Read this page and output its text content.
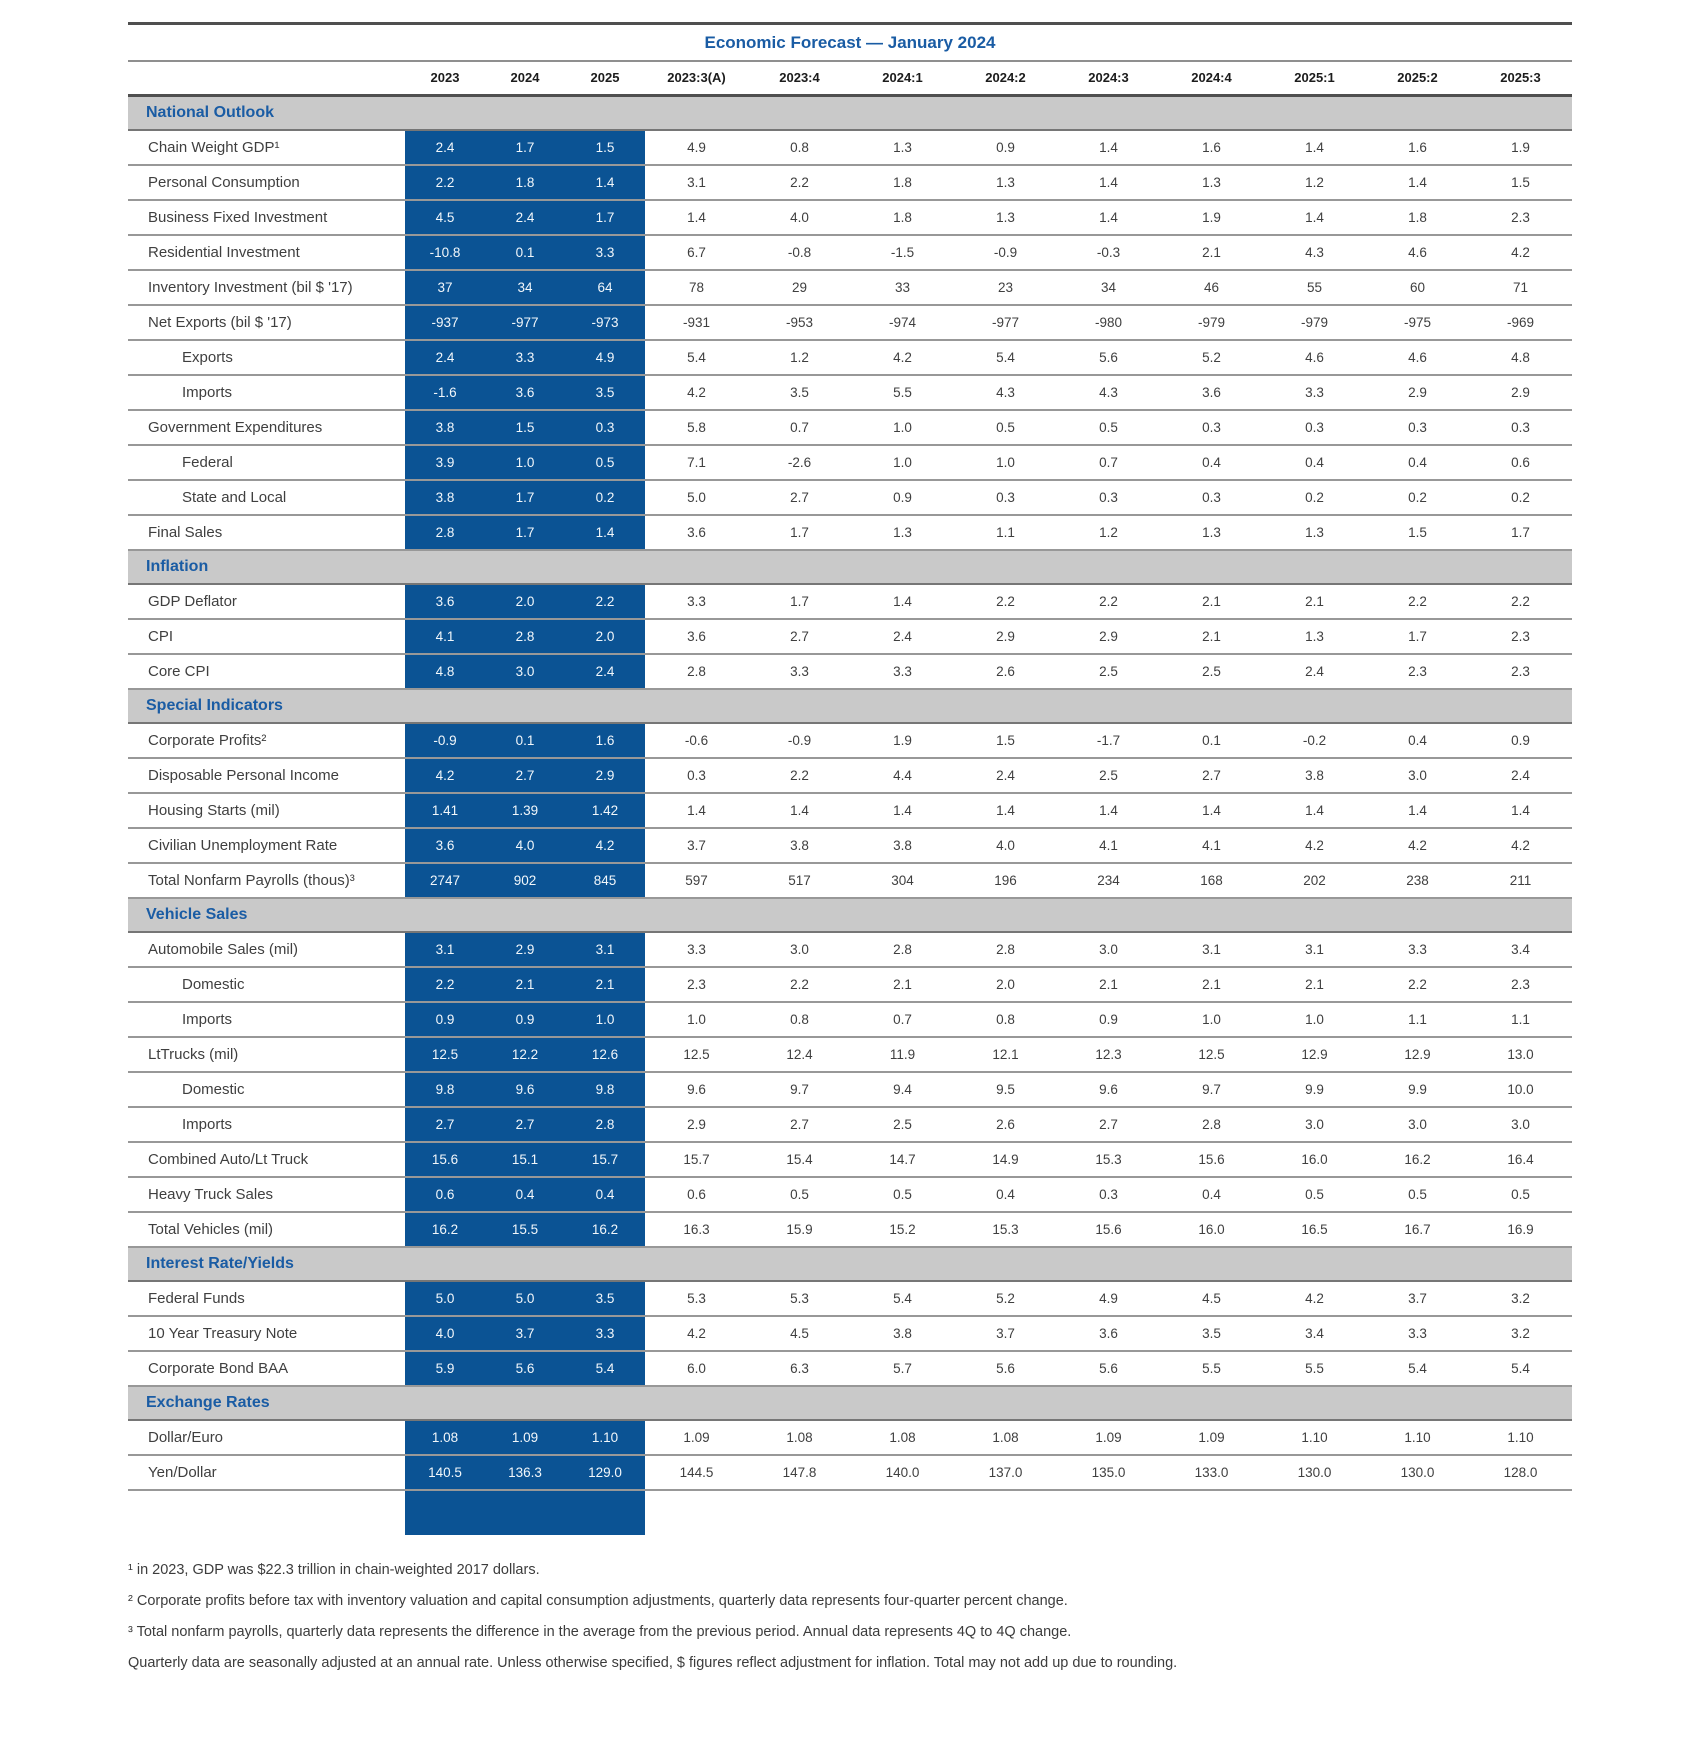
Economic Forecast — January 2024
	2023	2024	2025	2023:3(A)	2023:4	2024:1	2024:2	2024:3	2024:4	2025:1	2025:2	2025:3
National Outlook												
Chain Weight GDP¹	2.4	1.7	1.5	4.9	0.8	1.3	0.9	1.4	1.6	1.4	1.6	1.9
Personal Consumption	2.2	1.8	1.4	3.1	2.2	1.8	1.3	1.4	1.3	1.2	1.4	1.5
Business Fixed Investment	4.5	2.4	1.7	1.4	4.0	1.8	1.3	1.4	1.9	1.4	1.8	2.3
Residential Investment	-10.8	0.1	3.3	6.7	-0.8	-1.5	-0.9	-0.3	2.1	4.3	4.6	4.2
Inventory Investment (bil $ '17)	37	34	64	78	29	33	23	34	46	55	60	71
Net Exports (bil $ '17)	-937	-977	-973	-931	-953	-974	-977	-980	-979	-979	-975	-969
Exports	2.4	3.3	4.9	5.4	1.2	4.2	5.4	5.6	5.2	4.6	4.6	4.8
Imports	-1.6	3.6	3.5	4.2	3.5	5.5	4.3	4.3	3.6	3.3	2.9	2.9
Government Expenditures	3.8	1.5	0.3	5.8	0.7	1.0	0.5	0.5	0.3	0.3	0.3	0.3
Federal	3.9	1.0	0.5	7.1	-2.6	1.0	1.0	0.7	0.4	0.4	0.4	0.6
State and Local	3.8	1.7	0.2	5.0	2.7	0.9	0.3	0.3	0.3	0.2	0.2	0.2
Final Sales	2.8	1.7	1.4	3.6	1.7	1.3	1.1	1.2	1.3	1.3	1.5	1.7
Inflation												
GDP Deflator	3.6	2.0	2.2	3.3	1.7	1.4	2.2	2.2	2.1	2.1	2.2	2.2
CPI	4.1	2.8	2.0	3.6	2.7	2.4	2.9	2.9	2.1	1.3	1.7	2.3
Core CPI	4.8	3.0	2.4	2.8	3.3	3.3	2.6	2.5	2.5	2.4	2.3	2.3
Special Indicators												
Corporate Profits²	-0.9	0.1	1.6	-0.6	-0.9	1.9	1.5	-1.7	0.1	-0.2	0.4	0.9
Disposable Personal Income	4.2	2.7	2.9	0.3	2.2	4.4	2.4	2.5	2.7	3.8	3.0	2.4
Housing Starts (mil)	1.41	1.39	1.42	1.4	1.4	1.4	1.4	1.4	1.4	1.4	1.4	1.4
Civilian Unemployment Rate	3.6	4.0	4.2	3.7	3.8	3.8	4.0	4.1	4.1	4.2	4.2	4.2
Total Nonfarm Payrolls (thous)³	2747	902	845	597	517	304	196	234	168	202	238	211
Vehicle Sales												
Automobile Sales (mil)	3.1	2.9	3.1	3.3	3.0	2.8	2.8	3.0	3.1	3.1	3.3	3.4
Domestic	2.2	2.1	2.1	2.3	2.2	2.1	2.0	2.1	2.1	2.1	2.2	2.3
Imports	0.9	0.9	1.0	1.0	0.8	0.7	0.8	0.9	1.0	1.0	1.1	1.1
LtTrucks (mil)	12.5	12.2	12.6	12.5	12.4	11.9	12.1	12.3	12.5	12.9	12.9	13.0
Domestic	9.8	9.6	9.8	9.6	9.7	9.4	9.5	9.6	9.7	9.9	9.9	10.0
Imports	2.7	2.7	2.8	2.9	2.7	2.5	2.6	2.7	2.8	3.0	3.0	3.0
Combined Auto/Lt Truck	15.6	15.1	15.7	15.7	15.4	14.7	14.9	15.3	15.6	16.0	16.2	16.4
Heavy Truck Sales	0.6	0.4	0.4	0.6	0.5	0.5	0.4	0.3	0.4	0.5	0.5	0.5
Total Vehicles (mil)	16.2	15.5	16.2	16.3	15.9	15.2	15.3	15.6	16.0	16.5	16.7	16.9
Interest Rate/Yields												
Federal Funds	5.0	5.0	3.5	5.3	5.3	5.4	5.2	4.9	4.5	4.2	3.7	3.2
10 Year Treasury Note	4.0	3.7	3.3	4.2	4.5	3.8	3.7	3.6	3.5	3.4	3.3	3.2
Corporate Bond BAA	5.9	5.6	5.4	6.0	6.3	5.7	5.6	5.6	5.5	5.5	5.4	5.4
Exchange Rates												
Dollar/Euro	1.08	1.09	1.10	1.09	1.08	1.08	1.08	1.09	1.09	1.10	1.10	1.10
Yen/Dollar	140.5	136.3	129.0	144.5	147.8	140.0	137.0	135.0	133.0	130.0	130.0	128.0

¹ in 2023, GDP was $22.3 trillion in chain-weighted 2017 dollars.

² Corporate profits before tax with inventory valuation and capital consumption adjustments, quarterly data represents four-quarter percent change.

³ Total nonfarm payrolls, quarterly data represents the difference in the average from the previous period. Annual data represents 4Q to 4Q change.

Quarterly data are seasonally adjusted at an annual rate. Unless otherwise specified, $ figures reflect adjustment for inflation. Total may not add up due to rounding.
